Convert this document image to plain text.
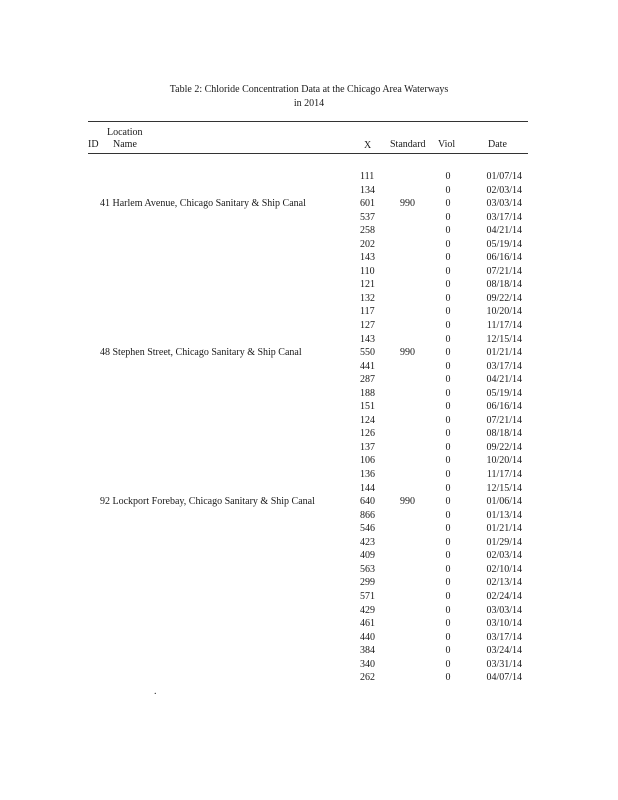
Table 2: Chloride Concentration Data at the Chicago Area Waterways
in 2014
Location
ID Name	X Standard Viol	Date
111	0	01/07/14
134	0	02/03/14
41 Harlem Avenue, Chicago Sanitary & Ship Canal	601	990	0	03/03/14
537	0	03/17/14
258	0	04/21/14
202	0	05/19/14
143	0	06/16/14
110	0	07/21/14
121	0	08/18/14
132	0	09/22/14
117	0	10/20/14
127	0	11/17/14
143	0	12/15/14
48 Stephen Street, Chicago Sanitary & Ship Canal	550	990	0	01/21/14
441	0	03/17/14
287	0	04/21/14
188	0	05/19/14
151	0	06/16/14
124	0	07/21/14
126	0	08/18/14
137	0	09/22/14
106	0	10/20/14
136	0	11/17/14
144	0	12/15/14
92 Lockport Forebay, Chicago Sanitary & Ship Canal	640	990	0	01/06/14
866	0	01/13/14
546	0	01/21/14
423	0	01/29/14
409	0	02/03/14
563	0	02/10/14
299	0	02/13/14
571	0	02/24/14
429	0	03/03/14
461	0	03/10/14
440	0	03/17/14
384	0	03/24/14
340	0	03/31/14
262	0	04/07/14
.
